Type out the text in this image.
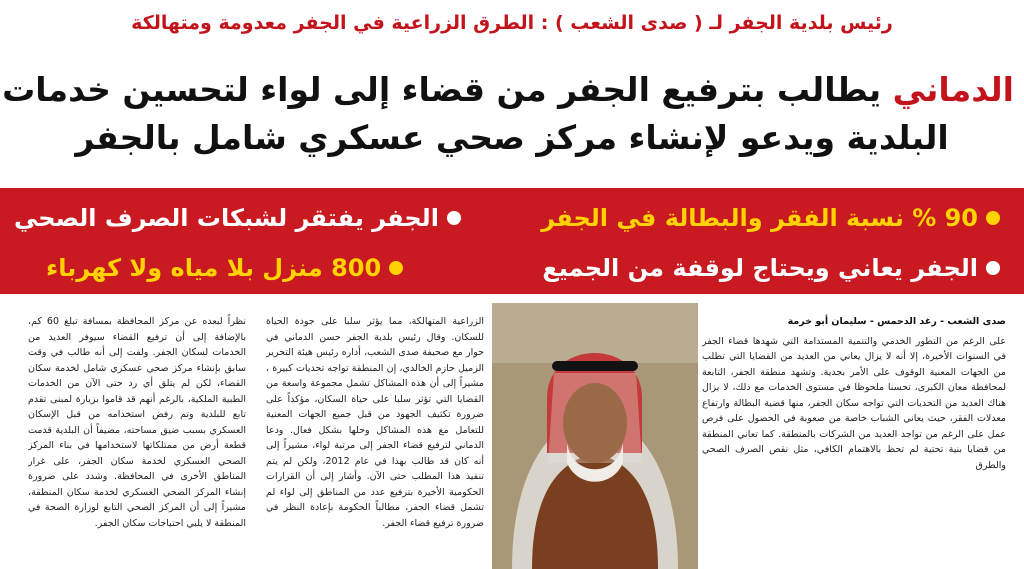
رئيس بلدية الجفر لـ ( صدى الشعب ) : الطرق الزراعية في الجفر معدومة ومتهالكة
الدماني يطالب بترفيع الجفر من قضاء إلى لواء لتحسين خدمات
البلدية ويدعو لإنشاء مركز صحي عسكري شامل بالجفر
90 % نسبة الفقر والبطالة في الجفر
الجفر يفتقر لشبكات الصرف الصحي
الجفر يعاني ويحتاج لوقفة من الجميع
800 منزل بلا مياه ولا كهرباء
صدى الشعب - رغد الدحمس - سليمان أبو خرمة

على الرغم من التطور الخدمي والتنمية المستدامة التي شهدها قضاء الجفر في السنوات الأخيرة، إلا أنه لا يزال يعاني من العديد من القضايا التي تطلب من الجهات المعنية الوقوف على الأمر بجدية. وتشهد منطقة الجفر، التابعة لمحافظة معان الكبرى، تحسنا ملحوظا في مستوى الخدمات مع ذلك، لا يزال هناك العديد من التحديات التي تواجه سكان الجفر، منها قضية البطالة وارتفاع معدلات الفقر، حيث يعاني الشباب خاصة من صعوبة في الحصول على فرص عمل على الرغم من تواجد العديد من الشركات بالمنطقة. كما تعاني المنطقة من قضايا بنية تحتية لم تحظ بالاهتمام الكافي، مثل نقص الصرف الصحي والطرق

الزراعية المتهالكة، مما يؤثر سلبا على جودة الحياة للسكان. وقال رئيس بلدية الجفر حسن الدماني في حوار مع صحيفة صدى الشعب، أداره رئيس هيئة التحرير الزميل حازم الخالدي، إن المنطقة تواجه تحديات كبيرة ، مشيراً إلى أن هذه المشاكل تشمل مجموعة واسعة من القضايا التي تؤثر سلبا على حياة السكان، مؤكداً على ضرورة تكثيف الجهود من قبل جميع الجهات المعنية للتعامل مع هذه المشاكل وحلها بشكل فعال. ودعا الدماني لترفيع قضاء الجفر إلى مرتبة لواء، مشيراً إلى أنه كان قد طالب بهذا في عام 2012، ولكن لم يتم تنفيذ هذا المطلب حتى الآن. وأشار إلى أن القرارات الحكومية الأخيرة بترفيع عدد من المناطق إلى لواء لم تشمل قضاء الجفر، مطالباً الحكومة بإعادة النظر في ضرورة ترفيع قضاء الجفر.

نظراً لبعده عن مركز المحافظة بمسافة تبلغ 60 كم، بالإضافة إلى أن ترفيع القضاء سيوفر العديد من الخدمات لسكان الجفر. ولفت إلى أنه طالب في وقت سابق بإنشاء مركز صحي عسكري شامل لخدمة سكان القضاء، لكن لم يتلق أي رد حتى الآن من الخدمات الطبية الملكية، بالرغم أنهم قد قاموا بزيارة لمبنى تقدم تابع للبلدية وتم رفض استخدامه من قبل الإسكان العسكري بسبب ضيق مساحته، مضيفاً أن البلدية قدمت قطعة أرض من ممتلكاتها لاستخدامها في بناء المركز الصحي العسكري لخدمة سكان الجفر، على غرار المناطق الأخرى في المحافظة. وشدد على ضرورة إنشاء المركز الصحي العسكري لخدمة سكان المنطقة، مشيراً إلى أن المركز الصحي التابع لوزارة الصحة في المنطقة لا يلبي احتياجات سكان الجفر.
